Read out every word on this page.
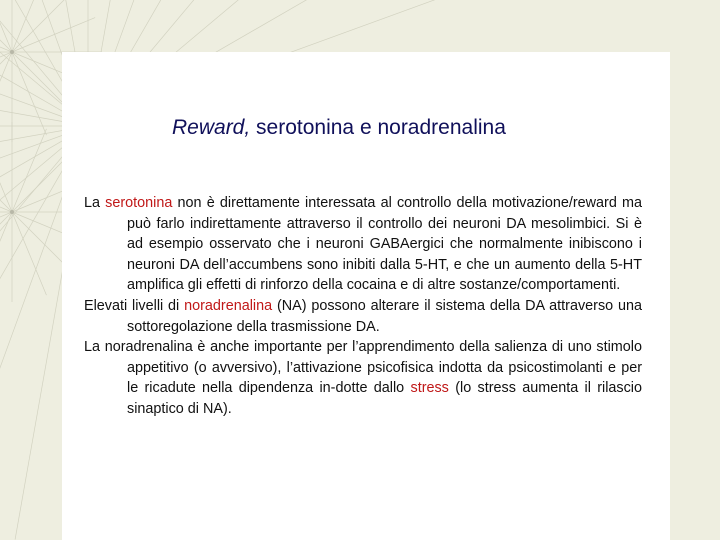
Reward, serotonina e noradrenalina

La serotonina non è direttamente interessata al controllo della motivazione/reward ma può farlo indirettamente attraverso il controllo dei neuroni DA mesolimbici. Si è ad esempio osservato che i neuroni GABAergici che normalmente inibiscono i neuroni DA dell’accumbens sono inibiti dalla 5-HT, e che un aumento della 5-HT amplifica gli effetti di rinforzo della cocaina e di altre sostanze/comportamenti.

Elevati livelli di noradrenalina (NA) possono alterare il sistema della DA attraverso una sottoregolazione della trasmissione DA.

La noradrenalina è anche importante per l’apprendimento della salienza di uno stimolo appetitivo (o avversivo), l’attivazione psicofisica indotta da psicostimolanti e per le ricadute nella dipendenza in-dotte dallo stress (lo stress aumenta il rilascio sinaptico di NA).
